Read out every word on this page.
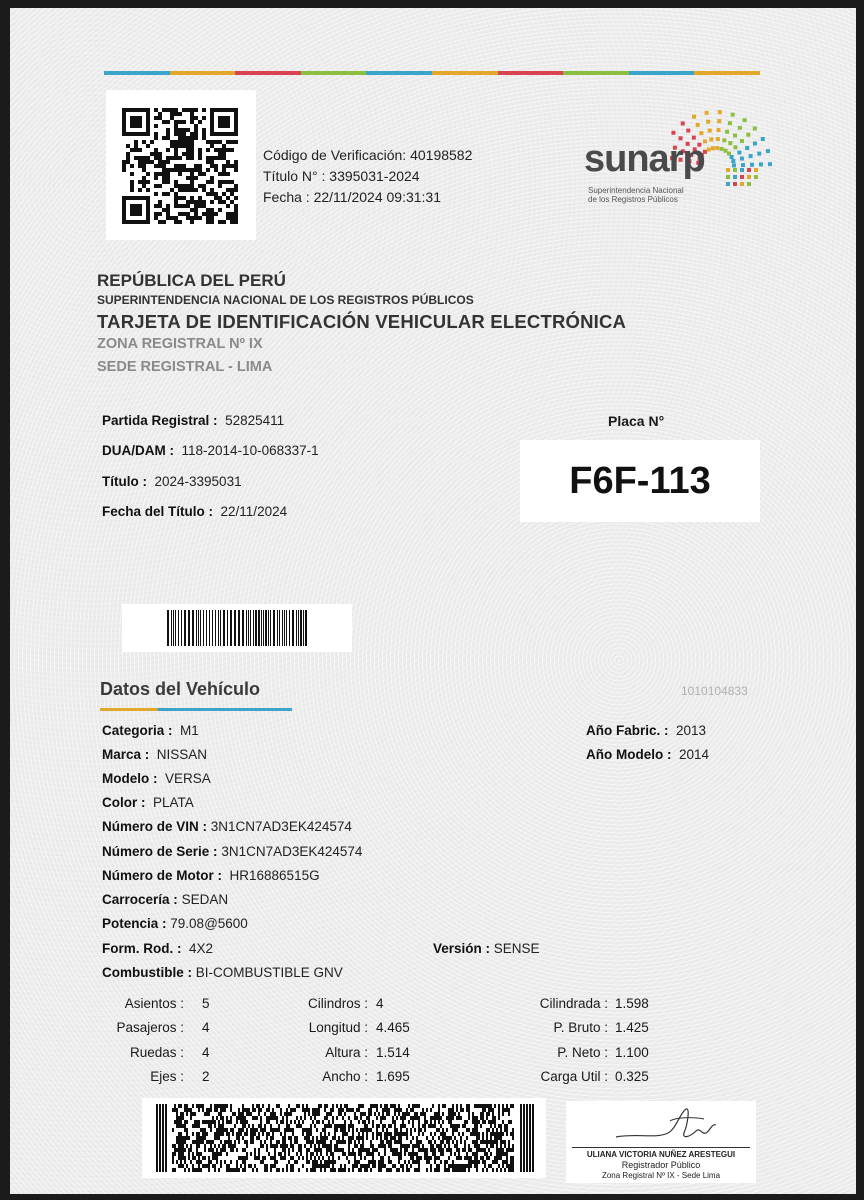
Código de Verificación: 40198582
Título N° : 3395031-2024
Fecha : 22/11/2024 09:31:31
sunarp
Superintendencia Nacional
de los Registros Públicos
REPÚBLICA DEL PERÚ
SUPERINTENDENCIA NACIONAL DE LOS REGISTROS PÚBLICOS
TARJETA DE IDENTIFICACIÓN VEHICULAR ELECTRÓNICA
ZONA REGISTRAL Nº IX
SEDE REGISTRAL - LIMA
Partida Registral : 52825411
DUA/DAM : 118-2014-10-068337-1
Título : 2024-3395031
Fecha del Título : 22/11/2024
Placa N°
F6F-113
Datos del Vehículo	1010104833
Categoria : M1
Marca : NISSAN
Modelo : VERSA
Color : PLATA
Número de VIN : 3N1CN7AD3EK424574
Número de Serie : 3N1CN7AD3EK424574
Número de Motor : HR16886515G
Carrocería : SEDAN
Potencia : 79.08@5600
Form. Rod. : 4X2	Versión : SENSE
Combustible : BI-COMBUSTIBLE GNV
Año Fabric. : 2013
Año Modelo : 2014
Asientos : 5
Pasajeros : 4
Ruedas : 4
Ejes : 2
Cilindros : 4
Longitud : 4.465
Altura : 1.514
Ancho : 1.695
Cilindrada : 1.598
P. Bruto : 1.425
P. Neto : 1.100
Carga Util : 0.325
ULIANA VICTORIA NUÑEZ ARESTEGUI
Registrador Público
Zona Registral Nº IX - Sede Lima
